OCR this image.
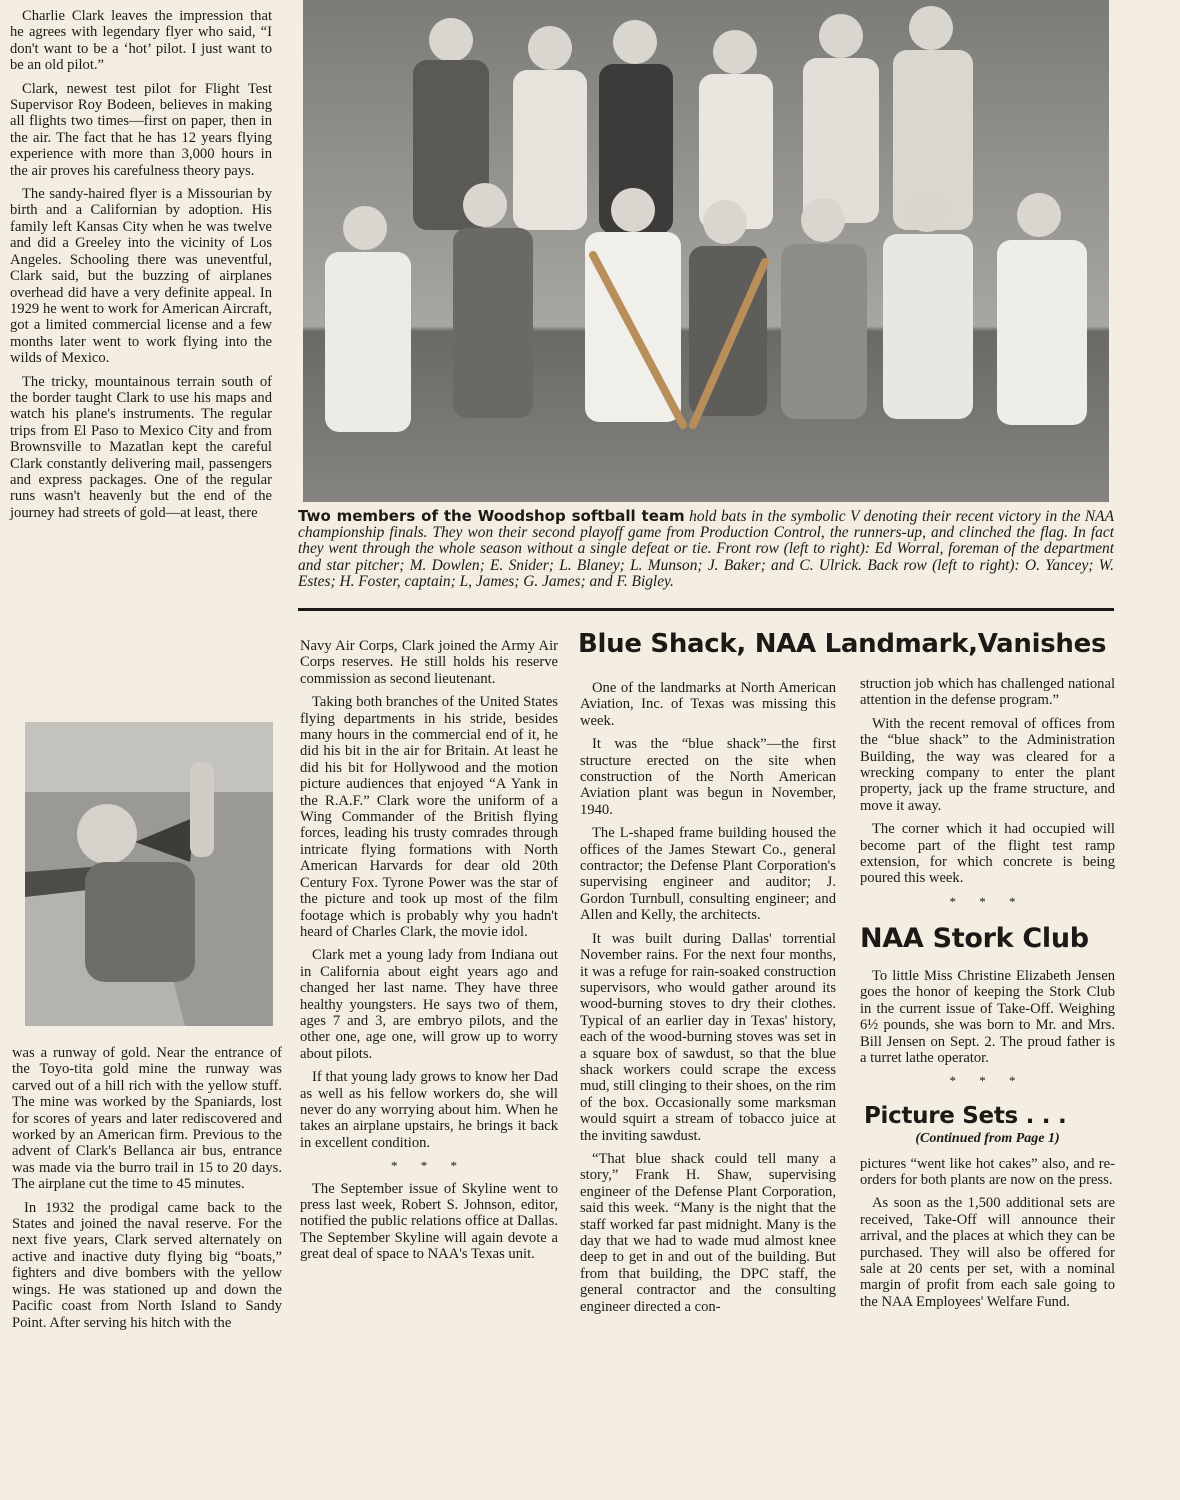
Charlie Clark leaves the impression that he agrees with legendary flyer who said, “I don't want to be a ‘hot’ pilot. I just want to be an old pilot.”

Clark, newest test pilot for Flight Test Supervisor Roy Bodeen, believes in making all flights two times—first on paper, then in the air. The fact that he has 12 years flying experience with more than 3,000 hours in the air proves his carefulness theory pays.

The sandy-haired flyer is a Missourian by birth and a Californian by adoption. His family left Kansas City when he was twelve and did a Greeley into the vicinity of Los Angeles. Schooling there was uneventful, Clark said, but the buzzing of airplanes overhead did have a very definite appeal. In 1929 he went to work for American Aircraft, got a limited commercial license and a few months later went to work flying into the wilds of Mexico.

The tricky, mountainous terrain south of the border taught Clark to use his maps and watch his plane's instruments. The regular trips from El Paso to Mexico City and from Brownsville to Mazatlan kept the careful Clark constantly delivering mail, passengers and express packages. One of the regular runs wasn't heavenly but the end of the journey had streets of gold—at least, there	Two members of the Woodshop softball team hold bats in the symbolic V denoting their recent victory in the NAA championship finals. They won their second playoff game from Production Control, the runners-up, and clinched the flag. In fact they went through the whole season without a single defeat or tie. Front row (left to right): Ed Worral, foreman of the department and star pitcher; M. Dowlen; E. Snider; L. Blaney; L. Munson; J. Baker; and C. Ulrick. Back row (left to right): O. Yancey; W. Estes; H. Foster, captain; L, James; G. James; and F. Bigley.

was a runway of gold. Near the entrance of the Toyo-tita gold mine the runway was carved out of a hill rich with the yellow stuff. The mine was worked by the Spaniards, lost for scores of years and later rediscovered and worked by an American firm. Previous to the advent of Clark's Bellanca air bus, entrance was made via the burro trail in 15 to 20 days. The airplane cut the time to 45 minutes.

In 1932 the prodigal came back to the States and joined the naval reserve. For the next five years, Clark served alternately on active and inactive duty flying big “boats,” fighters and dive bombers with the yellow wings. He was stationed up and down the Pacific coast from North Island to Sandy Point. After serving his hitch with the

Navy Air Corps, Clark joined the Army Air Corps reserves. He still holds his reserve commission as second lieutenant.

Taking both branches of the United States flying departments in his stride, besides many hours in the commercial end of it, he did his bit in the air for Britain. At least he did his bit for Hollywood and the motion picture audiences that enjoyed “A Yank in the R.A.F.” Clark wore the uniform of a Wing Commander of the British flying forces, leading his trusty comrades through intricate flying formations with North American Harvards for dear old 20th Century Fox. Tyrone Power was the star of the picture and took up most of the film footage which is probably why you hadn't heard of Charles Clark, the movie idol.

Clark met a young lady from Indiana out in California about eight years ago and changed her last name. They have three healthy youngsters. He says two of them, ages 7 and 3, are embryo pilots, and the other one, age one, will grow up to worry about pilots.

If that young lady grows to know her Dad as well as his fellow workers do, she will never do any worrying about him. When he takes an airplane upstairs, he brings it back in excellent condition.

* * *

The September issue of Skyline went to press last week, Robert S. Johnson, editor, notified the public relations office at Dallas. The September Skyline will again devote a great deal of space to NAA's Texas unit.

Blue Shack, NAA Landmark,Vanishes

One of the landmarks at North American Aviation, Inc. of Texas was missing this week.

It was the “blue shack”—the first structure erected on the site when construction of the North American Aviation plant was begun in November, 1940.

The L-shaped frame building housed the offices of the James Stewart Co., general contractor; the Defense Plant Corporation's supervising engineer and auditor; J. Gordon Turnbull, consulting engineer; and Allen and Kelly, the architects.

It was built during Dallas' torrential November rains. For the next four months, it was a refuge for rain-soaked construction supervisors, who would gather around its wood-burning stoves to dry their clothes. Typical of an earlier day in Texas' history, each of the wood-burning stoves was set in a square box of sawdust, so that the blue shack workers could scrape the excess mud, still clinging to their shoes, on the rim of the box. Occasionally some marksman would squirt a stream of tobacco juice at the inviting sawdust.

“That blue shack could tell many a story,” Frank H. Shaw, supervising engineer of the Defense Plant Corporation, said this week. “Many is the night that the staff worked far past midnight. Many is the day that we had to wade mud almost knee deep to get in and out of the building. But from that building, the DPC staff, the general contractor and the consulting engineer directed a con-

struction job which has challenged national attention in the defense program.”

With the recent removal of offices from the “blue shack” to the Administration Building, the way was cleared for a wrecking company to enter the plant property, jack up the frame structure, and move it away.

The corner which it had occupied will become part of the flight test ramp extension, for which concrete is being poured this week.

* * *
NAA Stork Club

To little Miss Christine Elizabeth Jensen goes the honor of keeping the Stork Club in the current issue of Take-Off. Weighing 6½ pounds, she was born to Mr. and Mrs. Bill Jensen on Sept. 2. The proud father is a turret lathe operator.

* * *
Picture Sets . . .
(Continued from Page 1)

pictures “went like hot cakes” also, and re-orders for both plants are now on the press.

As soon as the 1,500 additional sets are received, Take-Off will announce their arrival, and the places at which they can be purchased. They will also be offered for sale at 20 cents per set, with a nominal margin of profit from each sale going to the NAA Employees' Welfare Fund.
